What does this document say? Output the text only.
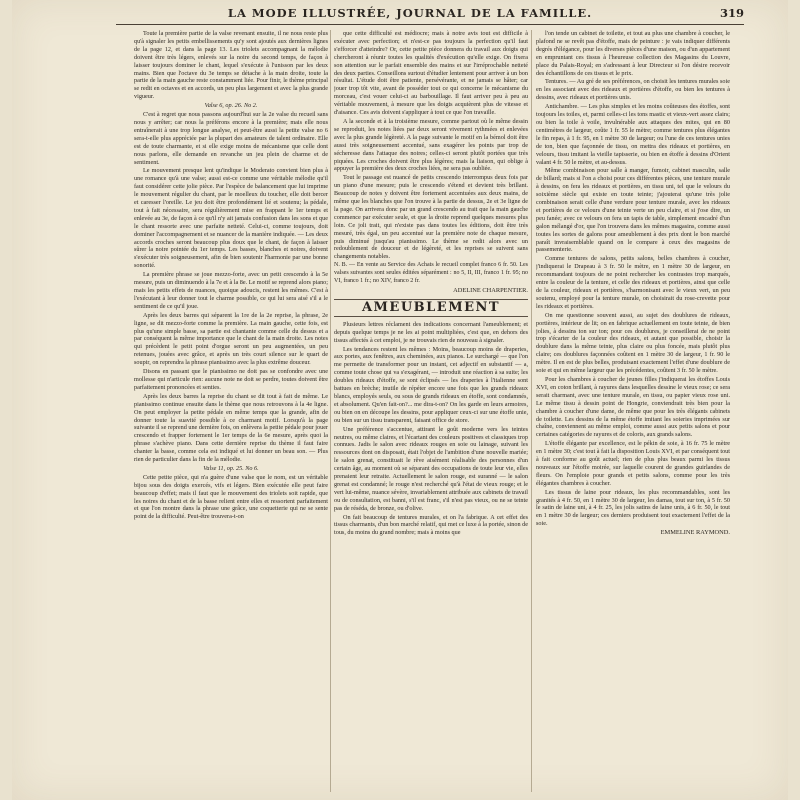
LA MODE ILLUSTRÉE, JOURNAL DE LA FAMILLE.	319

Toute la première partie de la valse revenant ensuite, il ne nous reste plus qu'à signaler les petits embellissements qu'y sont ajoutés aux dernières lignes de la page 12, et dans la page 13. Les triolets accompagnant la mélodie doivent être très légers, enlevés sur la noire du second temps, de façon à laisser toujours dominer le chant, lequel s'exécute à l'unisson par les deux mains. Bien que l'octave du 3e temps se détache à la main droite, toute la partie de la main gauche reste constamment liée. Pour finir, le thème principal se redit en octaves et en accords, un peu plus largement et avec la plus grande vigueur.

Valse 6, op. 26. No 2.

C'est à regret que nous passons aujourd'hui sur la 2e valse du recueil sans nous y arrêter; car nous la préférons encore à la première; mais elle nous entraînerait à une trop longue analyse, et peut-être aussi la petite valse no 6 sera-t-elle plus appréciée par la plupart des amateurs de talent ordinaire. Elle est de toute charmante, et si elle exige moins de mécanisme que celle dont nous parlons, elle demande en revanche un jeu plein de charme et de sentiment.

Le mouvement presque lent qu'indique le Moderato convient bien plus à une romance qu'à une valse; aussi est-ce comme une véritable mélodie qu'il faut considérer cette jolie pièce. Par l'espèce de balancement que lui imprime le mouvement régulier du chant, par le moelleux du toucher, elle doit bercer et caresser l'oreille. Le jeu doit être profondément lié et soutenu; la pédale, tout à fait nécessaire, sera régulièrement mise en frappant le 1er temps et enlevée au 3e, de façon à ce qu'il n'y ait jamais confusion dans les sons et que le chant ressorte avec une parfaite netteté. Celui-ci, comme toujours, doit dominer l'accompagnement et se nuancer de la manière indiquée. — Les deux accords croches seront beaucoup plus doux que le chant, de façon à laisser sûrer la noire pointée du 1er temps. Les basses, blanches et noires, doivent s'exécuter très soigneusement, afin de bien soutenir l'harmonie par une bonne sonorité.

La première phrase se joue mezzo-forte, avec un petit crescendo à la 5e mesure, puis un diminuendo à la 7e et à la 8e. Le motif se reprend alors piano; mais les petits effets de nuances, quoique adoucis, restent les mêmes. C'est à l'exécutant à leur donner tout le charme possible, ce qui lui sera aisé s'il a le sentiment de ce qu'il joue.

Après les deux barres qui séparent la 1re de la 2e reprise, la phrase, 2e ligne, se dit mezzo-forte comme la première. La main gauche, cette fois, est plus qu'une simple basse, sa partie est chantante comme celle du dessus et a par conséquent la même importance que le chant de la main droite. Les notes qui précèdent le petit point d'orgue seront un peu augmentées, un peu retenues, jouées avec grâce, et après un très court silence sur le quart de soupir, on reprendra la phrase pianissimo avec la plus extrême douceur.

Disons en passant que le pianissimo ne doit pas se confondre avec une mollesse qui n'articule rien: aucune note ne doit se perdre, toutes doivent être parfaitement prononcées et senties.

Après les deux barres la reprise du chant se dit tout à fait de même. Le pianissimo continue ensuite dans le thème que nous retrouvons à la 4e ligne. On peut employer la petite pédale en même temps que la grande, afin de donner toute la suavité possible à ce charmant motif. Lorsqu'à la page suivante il se reprend une dernière fois, on enlèvera la petite pédale pour jouer crescendo et frapper fortement le 1er temps de la 6e mesure, après quoi la phrase s'achève piano. Dans cette dernière reprise du thème il faut faire chanter la basse, comme cela est indiqué et lui donner un beau son. — Plus rien de particulier dans la fin de la mélodie.

Valse 11, op. 25. No 6.

Cette petite pièce, qui n'a guère d'une valse que le nom, est un véritable bijou sous des doigts exercés, vifs et légers. Bien exécutée elle peut faire beaucoup d'effet; mais il faut que le mouvement des triolets soit rapide, que les noires du chant et de la basse relient entre elles et ressortent parfaitement et que l'on montre dans la phrase une grâce, une coquetterie qui ne se sente point de la difficulté. Peut-être trouvera-t-on

que cette difficulté est médiocre; mais à notre avis tout est difficile à exécuter avec perfection; et n'est-ce pas toujours la perfection qu'il faut s'efforcer d'atteindre? Or, cette petite pièce donnera du travail aux doigts qui chercheront à réunir toutes les qualités d'exécution qu'elle exige. On fixera son attention sur le parfait ensemble des mains et sur l'irréprochable netteté des deux parties. Conseillons surtout d'étudier lentement pour arriver à un bon résultat. L'étude doit être patiente, persévérante, et ne jamais se hâter; car jouer trop tôt vite, avant de posséder tout ce qui concerne le mécanisme du morceau, c'est vouer celui-ci au barbouillage. Il faut arriver peu à peu au véritable mouvement, à mesure que les doigts acquièrent plus de vitesse et d'aisance. Ces avis doivent s'appliquer à tout ce que l'on travaille.

A la seconde et à la troisième mesure, comme partout où le même dessin se reproduit, les notes liées par deux seront vivement rythmées et enlevées avec la plus grande légèreté. A la page suivante le motif en la bémol doit être aussi très soigneusement accentué, sans exagérer les points par trop de sécheresse dans l'attaque des noires; celles-ci seront plutôt portées que très piquées. Les croches doivent être plus légères; mais la liaison, qui oblige à appuyer la première des deux croches liées, ne sera pas oubliée.

Tout le passage est nuancé de petits crescendo interrompus deux fois par un piano d'une mesure; puis le crescendo s'étend et devient très brillant. Beaucoup de notes y doivent être fortement accentuées aux deux mains, de même que les blanches que l'on trouve à la partie de dessus, 2e et 3e ligne de la page. On arrivera donc par un grand crescendo au trait que la main gauche commence par exécuter seule, et que la droite reprend quelques mesures plus loin. Ce joli trait, qui n'existe pas dans toutes les éditions, doit être très mesuré, très égal, un peu accentué sur la première note de chaque mesure, puis diminué jusqu'au pianissimo. Le thème se redit alors avec un redoublement de douceur et de légèreté, et les reprises se suivent sans changements notables.

N. B. — En vente au Service des Achats le recueil complet franco 6 fr. 50. Les valses suivantes sont seules éditées séparément : no 5, II, III, franco 1 fr. 95; no VI, franco 1 fr.; no XIV, franco 2 fr.

ADELINE CHARPENTIER.

AMEUBLEMENT

Plusieurs lettres réclament des indications concernant l'ameublement; et depuis quelque temps je ne les ai point multipliées, c'est que, en dehors des tissus affectés à cet emploi, je ne trouvais rien de nouveau à signaler.

Les tendances restent les mêmes : Moins, beaucoup moins de draperies, aux portes, aux fenêtres, aux cheminées, aux pianos. Le surchargé — que l'on me permette de transformer pour un instant, cet adjectif en substantif — a, comme toute chose qui va s'exagérant, — introduit une réaction à sa suite; les doubles rideaux d'étoffe, se sont éclipsés — les draperies à l'italienne sont battues en brèche; inutile de répéter encore une fois que les grands rideaux blancs, employés seuls, ou sous de grands rideaux en étoffe, sont condamnés, et absolument. Qu'en fait-on?... me dira-t-on? On les garde en leurs armoires, ou bien on en découpe les dessins, pour appliquer ceux-ci sur une étoffe unie, ou bien sur un tissu transparent, faisant office de store.

Une préférence s'accentue, attirant le goût moderne vers les teintes neutres, ou même claires, et l'écartant des couleurs positives et classiques trop connues. Jadis le salon avec rideaux rouges en soie ou lainage, suivant les ressources dont on disposait, était l'objet de l'ambition d'une nouvelle mariée; le salon grenat, constituait le rêve aisément réalisable des personnes d'un certain âge, au moment où se séparant des occupations de toute leur vie, elles prenaient leur retraite. Actuellement le salon rouge, est suranné — le salon grenat est condamné; le rouge n'est recherché qu'à l'état de vieux rouge; et le vert lui-même, nuance sévère, invariablement attribuée aux cabinets de travail ou de consultation, est banni, s'il est franc, s'il n'est pas vieux, ou ne se teinte pas de réséda, de bronze, ou d'olive.

On fait beaucoup de tentures murales, et on l'a fabrique. A cet effet des tissus charmants, d'un bon marché relatif, qui met ce luxe à la portée, sinon de tous, du moins du grand nombre; mais à moins que

l'on tende un cabinet de toilette, et tout au plus une chambre à coucher, le plafond ne se revêt pas d'étoffe, mais de peinture : je vais indiquer différents degrés d'élégance, pour les diverses pièces d'une maison, ou d'un appartement en empruntant ces tissus à l'heureuse collection des Magasins du Louvre, place du Palais-Royal; en s'adressant à leur Directeur si l'on désire recevoir des échantillons de ces tissus et le prix.

Tentures. — Au gré de ses préférences, on choisit les tentures murales soie en les associant avec des rideaux et portières d'étoffe, ou bien les tentures à dessins, avec rideaux et portières unis.

Antichambre. — Les plus simples et les moins coûteuses des étoffes, sont toujours les toiles, et, parmi celles-ci les tons mastic et vieux-vert assez clairs; ou bien la toile à voile, invulnérable aux attaques des mites, qui en 80 centimètres de largeur, coûte 1 fr. 55 le mètre; comme tentures plus élégantes le fin repas, à 1 fr. 95, en 1 mètre 30 de largeur; ou l'une de ces tentures unies de ton, bien que façonnée de tissu, on mettra des rideaux et portières, en velours, tissu imitant la vieille tapisserie, ou bien en étoffe à dessins d'Orient valant 4 fr. 50 le mètre, et au-dessus.

Même combinaison pour salle à manger, fumoir, cabinet masculin, salle de billard; mais si l'on a choisi pour ces différentes pièces, une tenture murale à dessins, on fera les rideaux et portières, en tissu uni, tel que le velours du soixième siècle qui existe en toute teinte; j'ajouterai qu'une très jolie combinaison serait celle d'une verdure pour tenture murale, avec les rideaux et portières de ce velours d'une teinte verte un peu claire, et si j'ose dire, un peu fanée; avec ce velours on fera un tapis de table, simplement encadré d'un galon mélangé d'or, que l'on trouvera dans les mêmes magasins, comme aussi toutes les sortes de galons pour ameublement à des prix dont le bon marché paraît invraisemblable quand on le compare à ceux des magasins de passementerie.

Comme tentures de salons, petits salons, belles chambres à coucher, j'indiquerai le Drapeau à 3 fr. 50 le mètre, en 1 mètre 30 de largeur, en recommandant toujours de ne point rechercher les contrastes trop marqués, entre la couleur de la tenture, et celle des rideaux et portières, ainsi que celle de la couleur, rideaux et portières, s'harmonisant avec le vieux vert, un peu soutenu, employé pour la tenture murale, on choisirait du rose-crevette pour les rideaux et portières.

On me questionne souvent aussi, au sujet des doublures de rideaux, portières, intérieur de lit; on en fabrique actuellement en toute teinte, de bien jolies, à dessins ton sur ton; pour ces doublures, je conseillerai de ne point trop s'écarter de la couleur des rideaux, et autant que possible, choisir la doublure dans la même teinte, plus claire ou plus foncée, mais plutôt plus claire; ces doublures façonnées coûtent en 1 mètre 30 de largeur, 1 fr. 90 le mètre. Il en est de plus belles, produisant exactement l'effet d'une doublure de soie et qui en même largeur que les précédentes, coûtent 3 fr. 50 le mètre.

Pour les chambres à coucher de jeunes filles j'indiquerai les étoffes Louis XVI, en coton brillant, à rayures dans lesquelles dessine le vieux rose; ce sera serait charmant, avec une tenture murale, en tissu, ou papier vieux rose uni. Le même tissu à dessin point de Hongrie, conviendrait très bien pour la chambre à coucher d'une dame, de même que pour les très élégants cabinets de toilette. Les dessins de la même étoffe imitant les soieries imprimées sur chaîne, conviennent au même emploi, comme aussi aux petits salons et pour certaines catégories de rayures et de coloris, aux grands salons.

L'étoffe élégante par excellence, est le pékin de soie, à 16 fr. 75 le mètre en 1 mètre 30; c'est tout à fait la disposition Louis XVI, et par conséquent tout à fait conforme au goût actuel; rien de plus plus beaux parmi les tissus nouveaux sur l'étoffe moirée, sur laquelle courent de grandes guirlandes de fleurs. On l'emploie pour grands et petits salons, comme pour les très élégantes chambres à coucher.

Les tissus de laine pour rideaux, les plus recommandables, sont les granités à 4 fr. 50, en 1 mètre 30 de largeur, les damas, tout sur ton, à 5 fr. 50 le satin de laine uni, à 4 fr. 25, les jolis satins de laine unis, à 6 fr. 50, le tout en 1 mètre 30 de largeur; ces derniers produisent tout exactement l'effet de la soie.

EMMELINE RAYMOND.
